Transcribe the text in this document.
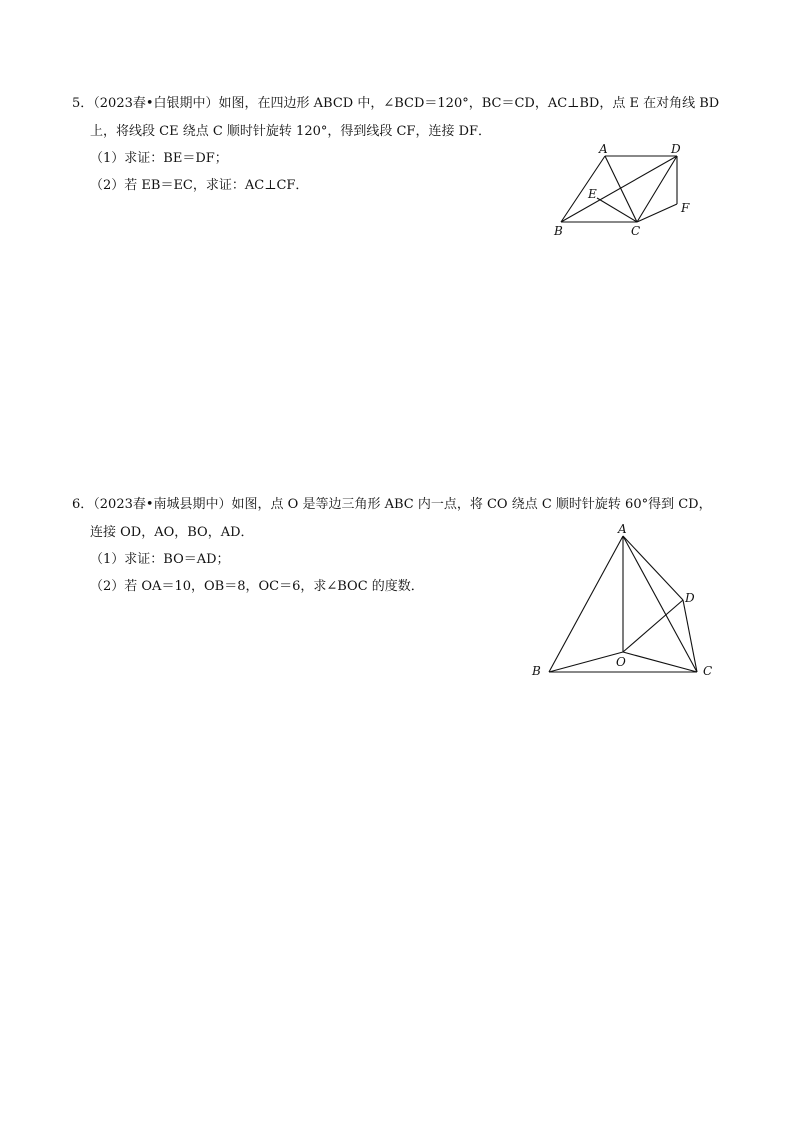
5．（2023春•白银期中）如图，在四边形 ABCD 中，∠BCD＝120°，BC＝CD，AC⊥BD，点 E 在对角线 BD
上，将线段 CE 绕点 C 顺时针旋转 120°，得到线段 CF，连接 DF．
（1）求证：BE＝DF；
（2）若 EB＝EC，求证：AC⊥CF．
A	D
E
F
B	C
6．（2023春•南城县期中）如图，点 O 是等边三角形 ABC 内一点，将 CO 绕点 C 顺时针旋转 60°得到 CD，
连接 OD，AO，BO，AD．
（1）求证：BO＝AD；
（2）若 OA＝10，OB＝8，OC＝6，求∠BOC 的度数．
A
D
O
B	C
